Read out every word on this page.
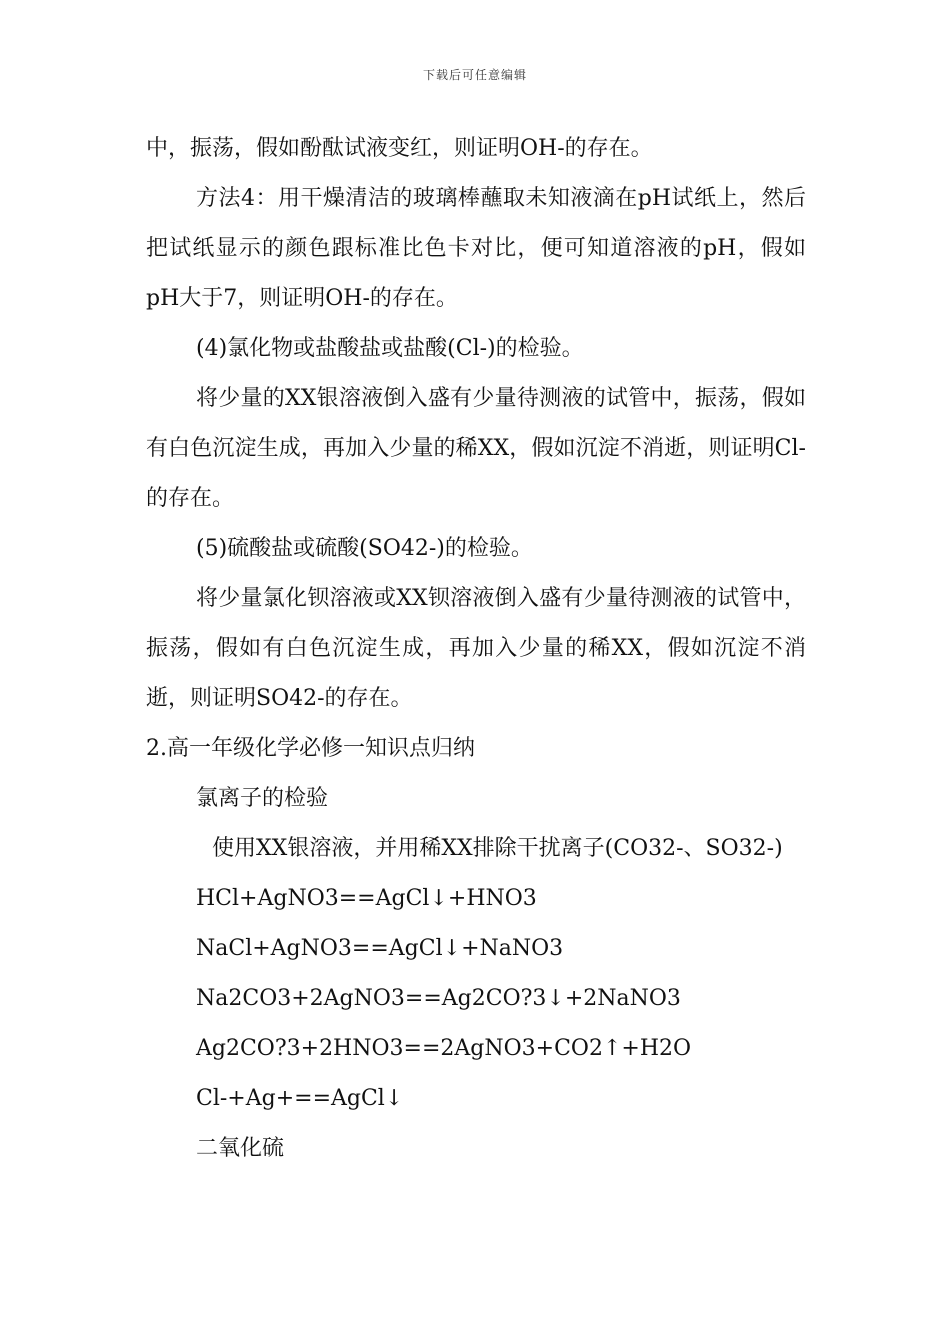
下载后可任意编辑

中，振荡，假如酚酞试液变红，则证明OH-的存在。

方法4：用干燥清洁的玻璃棒蘸取未知液滴在pH试纸上，然后把试纸显示的颜色跟标准比色卡对比，便可知道溶液的pH，假如pH大于7，则证明OH-的存在。

(4)氯化物或盐酸盐或盐酸(Cl-)的检验。

将少量的XX银溶液倒入盛有少量待测液的试管中，振荡，假如有白色沉淀生成，再加入少量的稀XX，假如沉淀不消逝，则证明Cl-的存在。

(5)硫酸盐或硫酸(SO42-)的检验。

将少量氯化钡溶液或XX钡溶液倒入盛有少量待测液的试管中，振荡，假如有白色沉淀生成，再加入少量的稀XX，假如沉淀不消逝，则证明SO42-的存在。

2.高一年级化学必修一知识点归纳

氯离子的检验

使用XX银溶液，并用稀XX排除干扰离子(CO32-、SO32-)

HCl+AgNO3==AgCl↓+HNO3

NaCl+AgNO3==AgCl↓+NaNO3

Na2CO3+2AgNO3==Ag2CO?3↓+2NaNO3

Ag2CO?3+2HNO3==2AgNO3+CO2↑+H2O

Cl-+Ag+==AgCl↓

二氧化硫
